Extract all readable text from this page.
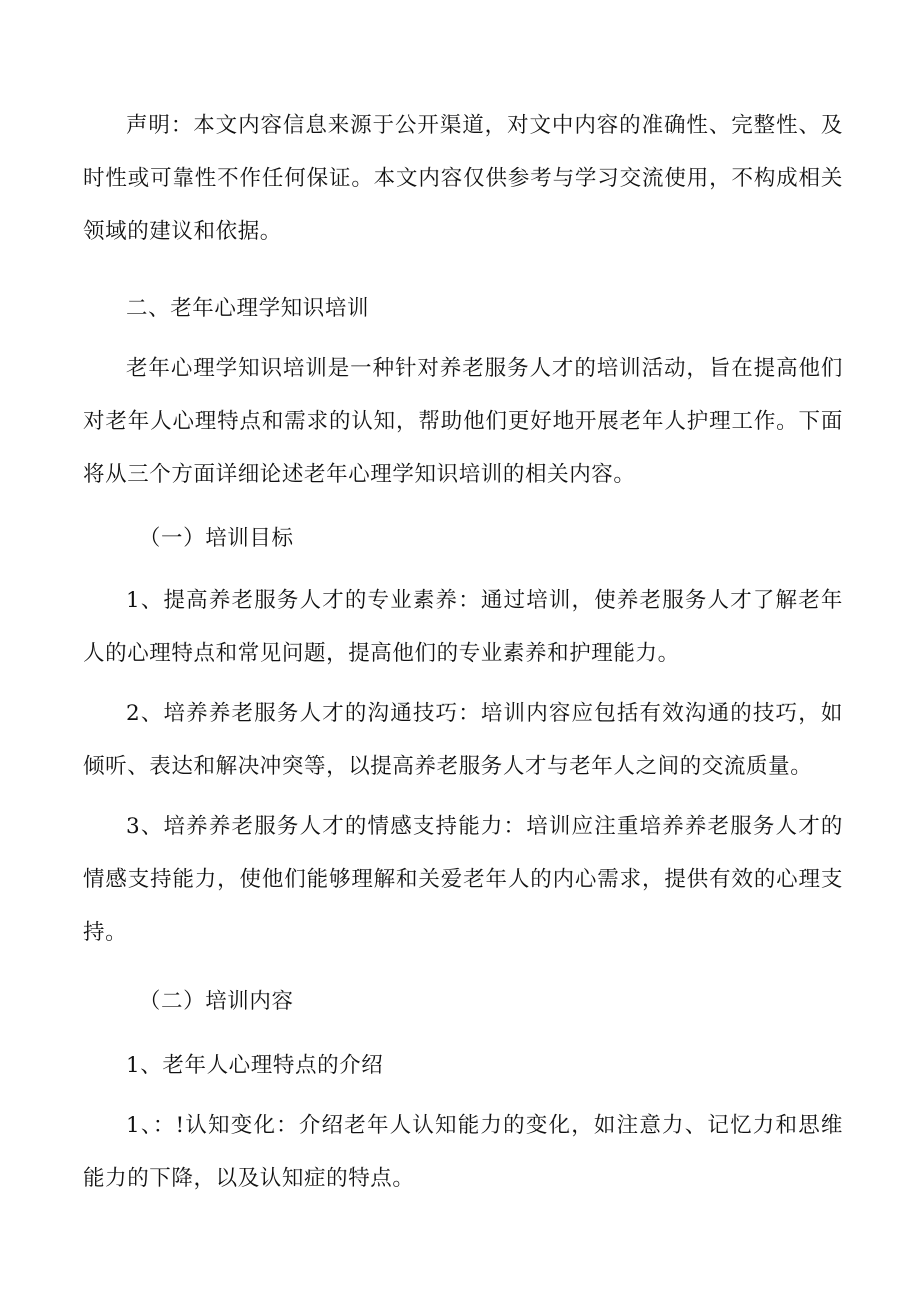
声明：本文内容信息来源于公开渠道，对文中内容的准确性、完整性、及时性或可靠性不作任何保证。本文内容仅供参考与学习交流使用，不构成相关领域的建议和依据。

二、老年心理学知识培训

老年心理学知识培训是一种针对养老服务人才的培训活动，旨在提高他们对老年人心理特点和需求的认知，帮助他们更好地开展老年人护理工作。下面将从三个方面详细论述老年心理学知识培训的相关内容。

（一）培训目标

1、提高养老服务人才的专业素养：通过培训，使养老服务人才了解老年人的心理特点和常见问题，提高他们的专业素养和护理能力。

2、培养养老服务人才的沟通技巧：培训内容应包括有效沟通的技巧，如倾听、表达和解决冲突等，以提高养老服务人才与老年人之间的交流质量。

3、培养养老服务人才的情感支持能力：培训应注重培养养老服务人才的情感支持能力，使他们能够理解和关爱老年人的内心需求，提供有效的心理支持。

（二）培训内容

1、老年人心理特点的介绍

1、：!认知变化：介绍老年人认知能力的变化，如注意力、记忆力和思维能力的下降，以及认知症的特点。
